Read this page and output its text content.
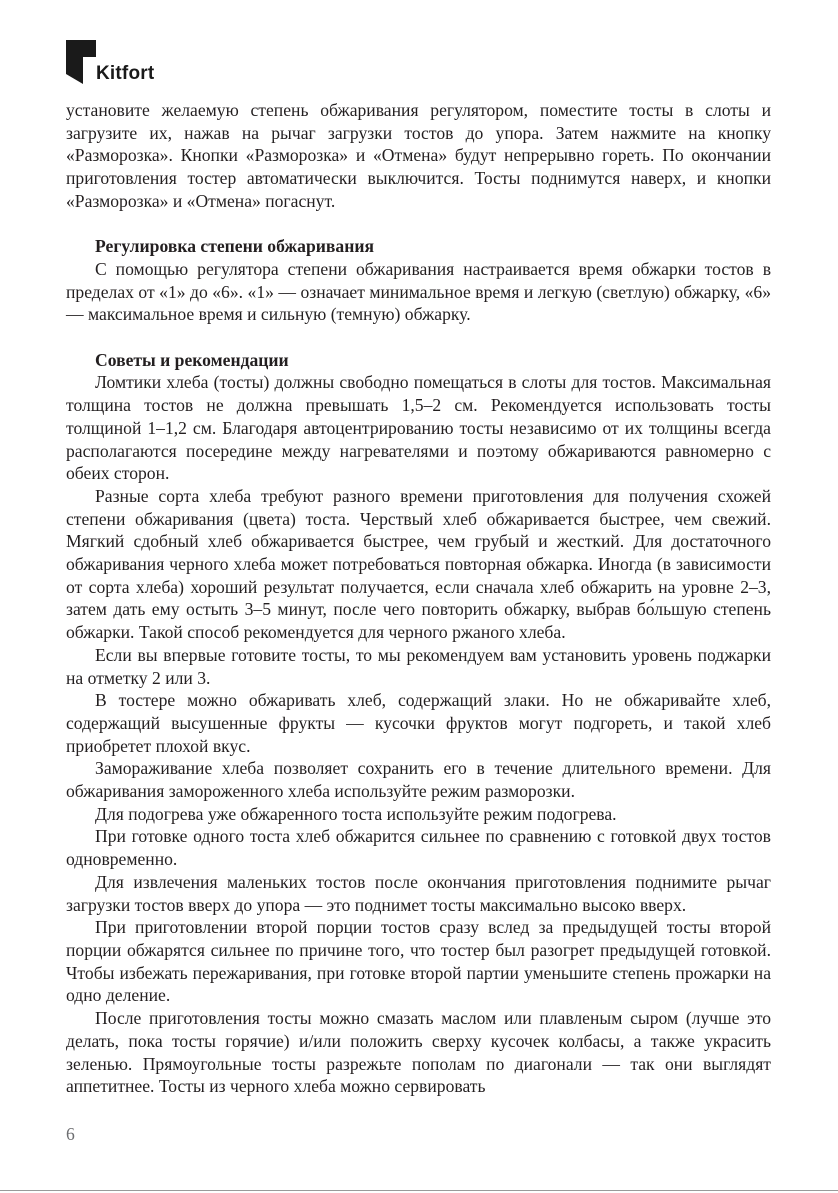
Kitfort

установите желаемую степень обжаривания регулятором, поместите тосты в слоты и загрузите их, нажав на рычаг загрузки тостов до упора. Затем нажмите на кнопку «Разморозка». Кнопки «Разморозка» и «Отмена» будут непрерывно гореть. По окончании приготовления тостер автоматически выключится. Тосты поднимутся наверх, и кнопки «Разморозка» и «Отмена» погаснут.

Регулировка степени обжаривания

С помощью регулятора степени обжаривания настраивается время обжарки тостов в пределах от «1» до «6». «1» — означает минимальное время и легкую (светлую) обжарку, «6» — максимальное время и сильную (темную) обжарку.

Советы и рекомендации

Ломтики хлеба (тосты) должны свободно помещаться в слоты для тостов. Максимальная толщина тостов не должна превышать 1,5–2 см. Рекомендуется использовать тосты толщиной 1–1,2 см. Благодаря автоцентрированию тосты независимо от их толщины всегда располагаются посередине между нагревателями и поэтому обжариваются равномерно с обеих сторон.

Разные сорта хлеба требуют разного времени приготовления для получения схожей степени обжаривания (цвета) тоста. Черствый хлеб обжаривается быстрее, чем свежий. Мягкий сдобный хлеб обжаривается быстрее, чем грубый и жесткий. Для достаточного обжаривания черного хлеба может потребоваться повторная обжарка. Иногда (в зависимости от сорта хлеба) хороший результат получается, если сначала хлеб обжарить на уровне 2–3, затем дать ему остыть 3–5 минут, после чего повторить обжарку, выбрав бо́льшую степень обжарки. Такой способ рекомендуется для черного ржаного хлеба.

Если вы впервые готовите тосты, то мы рекомендуем вам установить уровень поджарки на отметку 2 или 3.

В тостере можно обжаривать хлеб, содержащий злаки. Но не обжаривайте хлеб, содержащий высушенные фрукты — кусочки фруктов могут подгореть, и такой хлеб приобретет плохой вкус.

Замораживание хлеба позволяет сохранить его в течение длительного времени. Для обжаривания замороженного хлеба используйте режим разморозки.

Для подогрева уже обжаренного тоста используйте режим подогрева.

При готовке одного тоста хлеб обжарится сильнее по сравнению с готовкой двух тостов одновременно.

Для извлечения маленьких тостов после окончания приготовления поднимите рычаг загрузки тостов вверх до упора — это поднимет тосты максимально высоко вверх.

При приготовлении второй порции тостов сразу вслед за предыдущей тосты второй порции обжарятся сильнее по причине того, что тостер был разогрет предыдущей готовкой. Чтобы избежать пережаривания, при готовке второй партии уменьшите степень прожарки на одно деление.

После приготовления тосты можно смазать маслом или плавленым сыром (лучше это делать, пока тосты горячие) и/или положить сверху кусочек колбасы, а также украсить зеленью. Прямоугольные тосты разрежьте пополам по диагонали — так они выглядят аппетитнее. Тосты из черного хлеба можно сервировать

6
